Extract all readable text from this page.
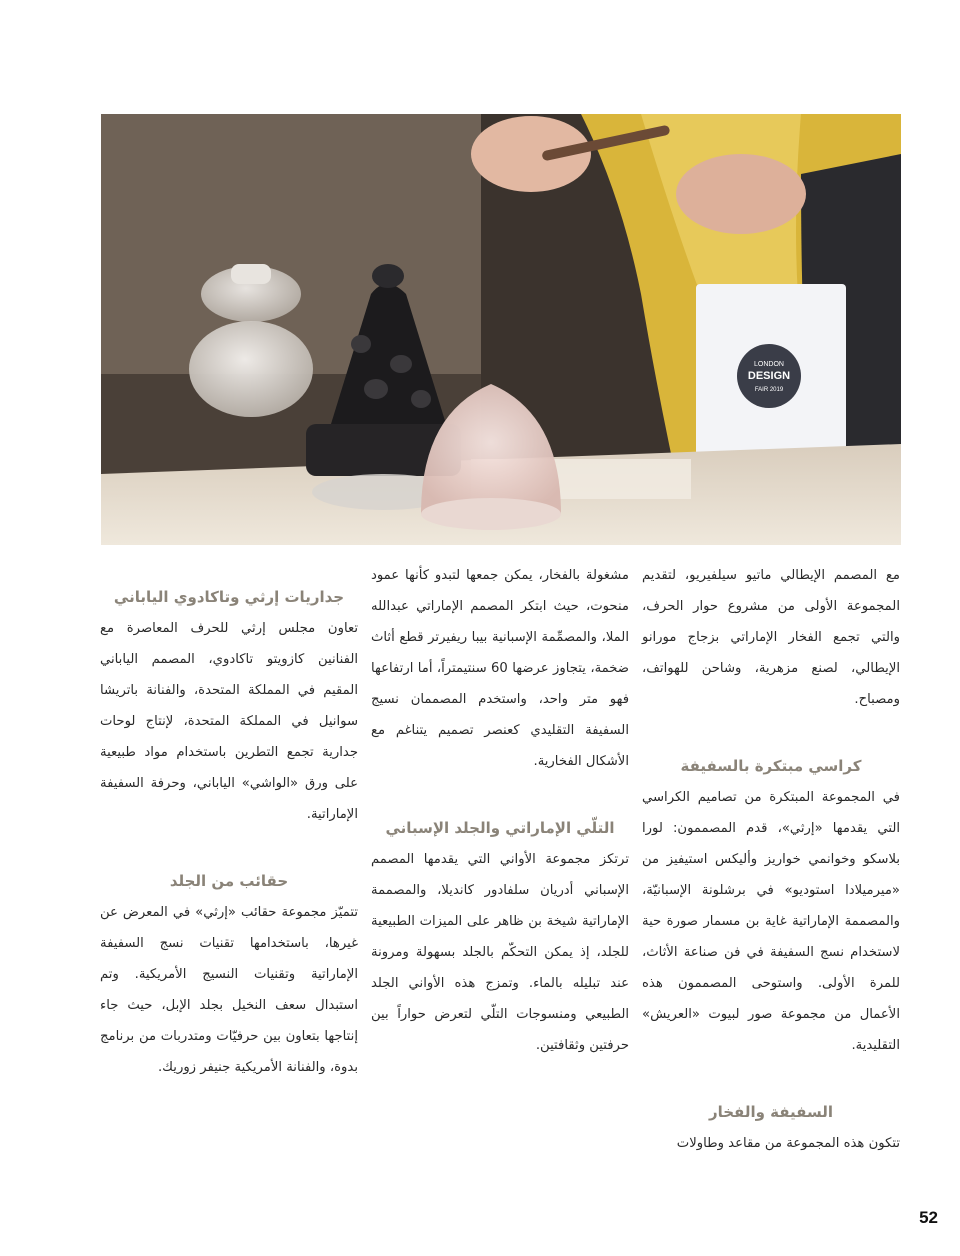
LONDON
DESIGN
FAIR 2019

مع المصمم الإيطالي ماتيو سيلفيريو، لتقديم المجموعة الأولى من مشروع حوار الحرف، والتي تجمع الفخار الإماراتي بزجاج مورانو الإيطالي، لصنع مزهرية، وشاحن للهواتف، ومصباح.

كراسي مبتكرة بالسفيفة

في المجموعة المبتكرة من تصاميم الكراسي التي يقدمها «إرثي»، قدم المصممون: لورا بلاسكو وخوانمي خواريز وأليكس استيفيز من «ميرميلادا استوديو» في برشلونة الإسبانيّة، والمصممة الإماراتية غاية بن مسمار صورة حية لاستخدام نسج السفيفة في فن صناعة الأثاث، للمرة الأولى. واستوحى المصممون هذه الأعمال من مجموعة صور لبيوت «العريش» التقليدية.

السفيفة والفخار

تتكون هذه المجموعة من مقاعد وطاولات

مشغولة بالفخار، يمكن جمعها لتبدو كأنها عمود منحوت، حيث ابتكر المصمم الإماراتي عبدالله الملا، والمصمِّمة الإسبانية بيبا ريفيرتر قطع أثاث ضخمة، يتجاوز عرضها 60 سنتيمتراً، أما ارتفاعها فهو متر واحد، واستخدم المصممان نسيج السفيفة التقليدي كعنصر تصميم يتناغم مع الأشكال الفخارية.

التلّي الإماراتي والجلد الإسباني

ترتكز مجموعة الأواني التي يقدمها المصمم الإسباني أدريان سلفادور كانديلا، والمصممة الإماراتية شيخة بن ظاهر على الميزات الطبيعية للجلد، إذ يمكن التحكّم بالجلد بسهولة ومرونة عند تبليله بالماء. وتمزج هذه الأواني الجلد الطبيعي ومنسوجات التلّي لتعرض حواراً بين حرفتين وثقافتين.

جداريات إرثي وتاكادوي الياباني

تعاون مجلس إرثي للحرف المعاصرة مع الفنانين كازويتو تاكادوي، المصمم الياباني المقيم في المملكة المتحدة، والفنانة باتريشا سوانيل في المملكة المتحدة، لإنتاج لوحات جدارية تجمع التطرين باستخدام مواد طبيعية على ورق «الواشي» الياباني، وحرفة السفيفة الإماراتية.

حقائب من الجلد

تتميّز مجموعة حقائب «إرثي» في المعرض عن غيرها، باستخدامها تقنيات نسج السفيفة الإماراتية وتقنيات النسيج الأمريكية. وتم استبدال سعف النخيل بجلد الإبل، حيث جاء إنتاجها بتعاون بين حرفيّات ومتدربات من برنامج بدوة، والفنانة الأمريكية جنيفر زوريك.

52
